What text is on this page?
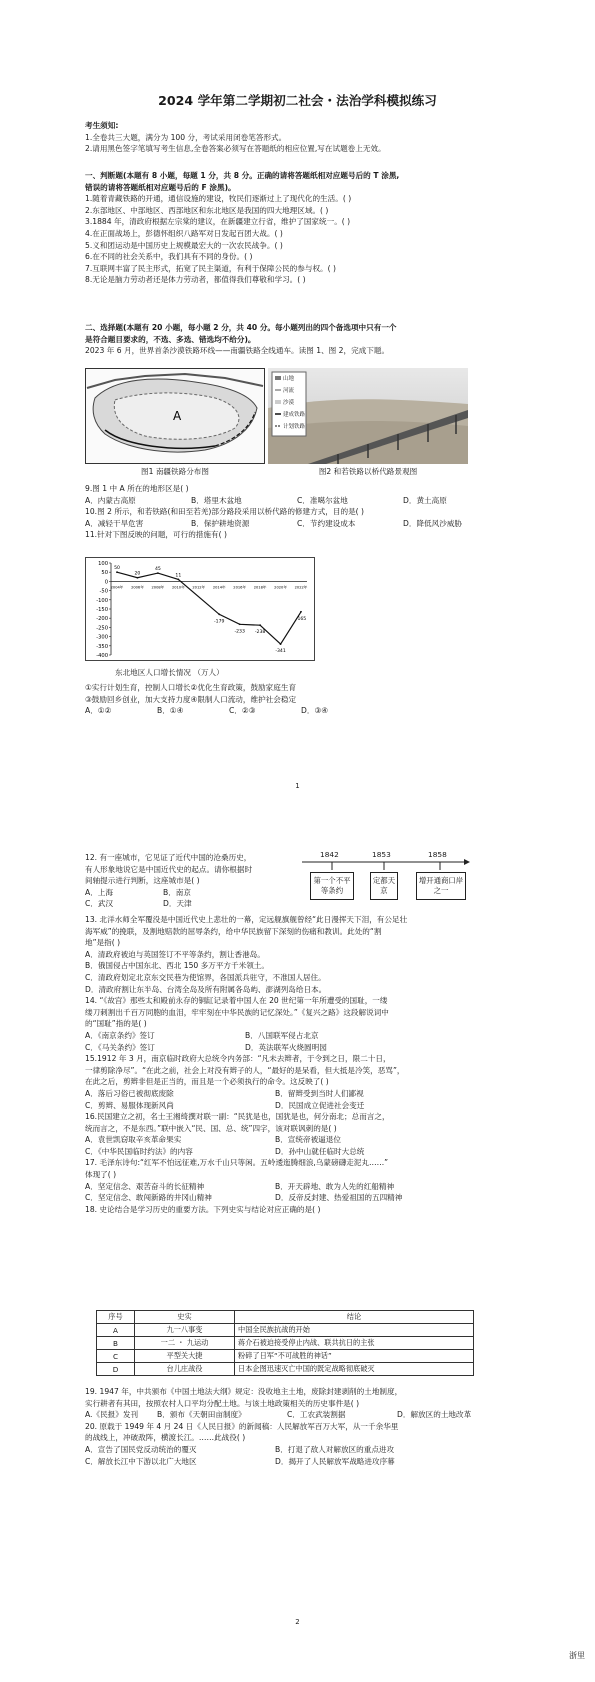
2024 学年第二学期初二社会・法治学科模拟练习
考生须知:
1.全卷共三大题，满分为 100 分，考试采用闭卷笔答形式。
2.请用黑色签字笔填写考生信息,全卷答案必须写在答题纸的相应位置,写在试题卷上无效。
一、判断题(本题有 8 小题，每题 1 分，共 8 分。正确的请将答题纸相对应题号后的 T 涂黑,
错误的请将答题纸相对应题号后的 F 涂黑)。
1.随着青藏铁路的开通，通信设施的建设，牧民们逐渐过上了现代化的生活。( )
2.东部地区、中部地区、西部地区和东北地区是我国的四大地理区域。( )
3.1884 年，清政府根据左宗棠的建议，在新疆建立行省，维护了国家统一。( )
4.在正面战场上，彭德怀组织八路军对日发起百团大战。( )
5.义和团运动是中国历史上规模最宏大的一次农民战争。( )
6.在不同的社会关系中，我们具有不同的身份。( )
7.互联网丰富了民主形式，拓宽了民主渠道，有利于保障公民的参与权。( )
8.无论是脑力劳动者还是体力劳动者，都值得我们尊敬和学习。( )
二、选择题(本题有 20 小题，每小题 2 分，共 40 分。每小题列出的四个备选项中只有一个
是符合题目要求的，不选、多选、错选均不给分)。
2023 年 6 月，世界首条沙漠铁路环线——南疆铁路全线通车。读图 1、图 2，完成下题。
A
图1 南疆铁路分布图
山地
河流
沙漠
建成铁路
计划铁路
图2 和若铁路以桥代路景观图
9.图 1 中 A 所在的地形区是( )
A．内蒙古高原	B．塔里木盆地	C．准噶尔盆地	D．黄土高原
10.图 2 所示，和若铁路(和田至若羌)部分路段采用以桥代路的修建方式，目的是( )
A．减轻干旱危害	B．保护耕地资源	C．节约建设成本	D．降低风沙威胁
11.针对下图反映的问题，可行的措施有( )
100
50
0
-50
-100
-150
-200
-250
-300
-350
-400
2004年 2006年 2008年 2010年 2012年 2014年 2016年 2018年 2020年 2022年
50
20
45
11
-179
-233 -238
-341
-165
东北地区人口增长情况 （万人）
①实行计划生育，控制人口增长②优化生育政策，鼓励家庭生育
③鼓励回乡创业，加大支持力度④限制人口流动，维护社会稳定
A．①②	B．①④	C．②③	D．③④
1
12. 有一座城市，它见证了近代中国的沧桑历史，
有人形象地说它是中国近代史的起点。请你根据时
间轴提示进行判断，这座城市是( )
A．上海	B．南京
C．武汉	D．天津
1842	1853	1858
第一个不平等条约
定都天京
增开通商口岸之一
13. 北洋水师全军覆没是中国近代史上悲壮的一幕，定远舰旗舰曾经“此日漫挥天下泪，有公足壮
海军威”的挽联，及割地赔款的屈辱条约，给中华民族留下深刻的伤痛和教训。此处的“割
地”是指( )
A．清政府被迫与英国签订不平等条约，割让香港岛。
B．俄国侵占中国东北、西北 150 多万平方千米领土。
C．清政府划定北京东交民巷为使馆界，各国派兵驻守，不准国人居住。
D．清政府割让东半岛、台湾全岛及所有附属各岛屿、澎湖列岛给日本。
14. “《故宫》那些太和殿前永存的铜缸记录着中国人在 20 世纪第一年所遭受的国耻，一缕
缕刀刺割出千百万同胞的血泪，牢牢刻在中华民族的记忆深处。”《复兴之路》这段解说词中
的“国耻”指的是( )
A．《南京条约》签订	B．八国联军侵占北京
C．《马关条约》签订	D．英法联军火烧圆明园
15.1912 年 3 月，南京临时政府大总统令内务部：“凡未去辫者，于令到之日，限二十日，
一律剪除净尽”。“在此之前，社会上对没有辫子的人，“最好的是呆看，但大抵是冷笑，恶骂”，
在此之后，剪辫非但是正当的，而且是一个必须执行的命令。这反映了( )
A．落后习俗已被彻底废除	B．留辫受到当时人们鄙视
C．剪辫、易服体现新风尚	D．民国成立促进社会变迁
16.民国建立之初，名士王湘绮撰对联一副：“民犹是也，国犹是也，何分南北；总而言之，
统而言之，不是东西。”联中嵌入“民、国、总、统”四字，该对联讽刺的是( )
A．袁世凯窃取辛亥革命果实	B．宣统帝被逼退位
C．《中华民国临时约法》的内容	D．孙中山就任临时大总统
17. 毛泽东诗句:“红军不怕远征难,万水千山只等闲。五岭逶迤腾细浪,乌蒙磅礴走泥丸……”
体现了( )
A．坚定信念、艰苦奋斗的长征精神	B．开天辟地、敢为人先的红船精神
C．坚定信念、敢闯新路的井冈山精神	D．反帝反封建、热爱祖国的五四精神
18. 史论结合是学习历史的重要方法。下列史实与结论对应正确的是( )
序号	史实	结论
A	九一八事变	中国全民族抗战的开始
B	一二 ・ 九运动	蒋介石被迫接受停止内战、联共抗日的主张
C	平型关大捷	粉碎了日军“不可战胜的神话”
D	台儿庄战役	日本企图迅速灭亡中国的既定战略彻底破灭
19. 1947 年，中共颁布《中国土地法大纲》规定：没收地主土地，废除封建剥削的土地制度，
实行耕者有其田，按照农村人口平均分配土地。与该土地政策相关的历史事件是( )
A.《民报》发刊	B．颁布《天朝田亩制度》	C．工农武装割据	D．解放区的土地改革
20. 原载于 1949 年 4 月 24 日《人民日报》的新闻稿：人民解放军百万大军，从一千余华里
的战线上，冲破敌阵，横渡长江。……此战役( )
A．宣告了国民党反动统治的覆灭	B．打退了敌人对解放区的重点进攻
C．解放长江中下游以北广大地区	D．揭开了人民解放军战略进攻序幕
2
浙里
